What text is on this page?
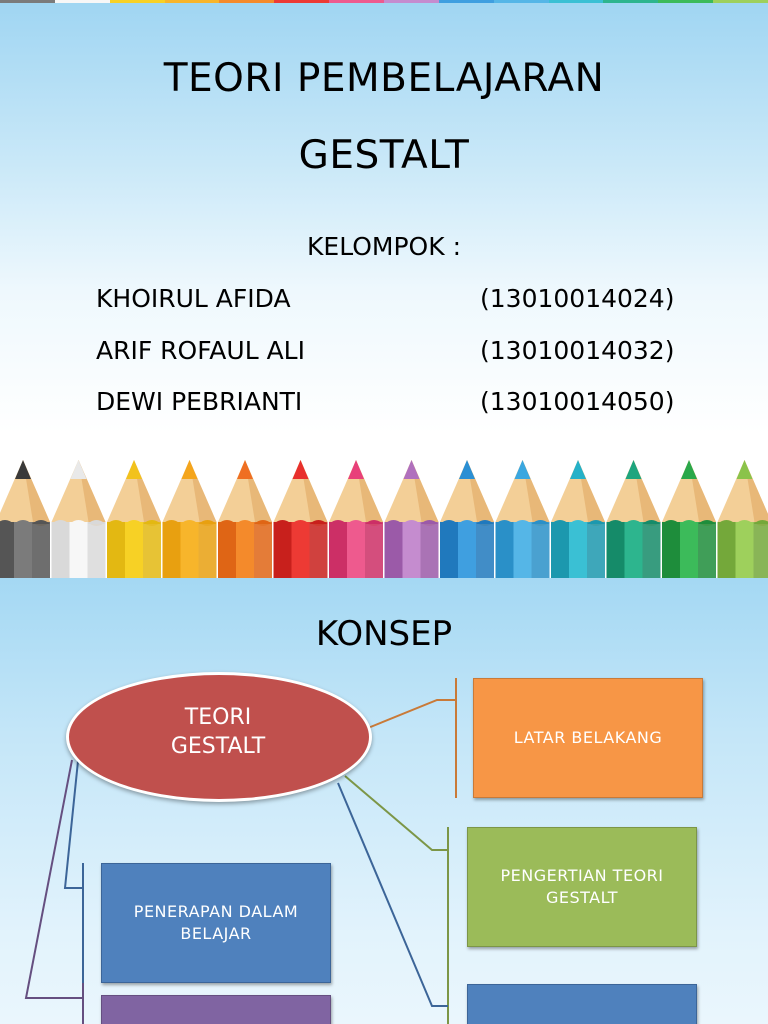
TEORI PEMBELAJARAN
GESTALT
KELOMPOK :
KHOIRUL AFIDA	(13010014024)
ARIF ROFAUL ALI	(13010014032)
DEWI PEBRIANTI	(13010014050)
KONSEP
TEORI GESTALT	LATAR BELAKANG
PENGERTIAN TEORI GESTALT
PENERAPAN DALAM BELAJAR
